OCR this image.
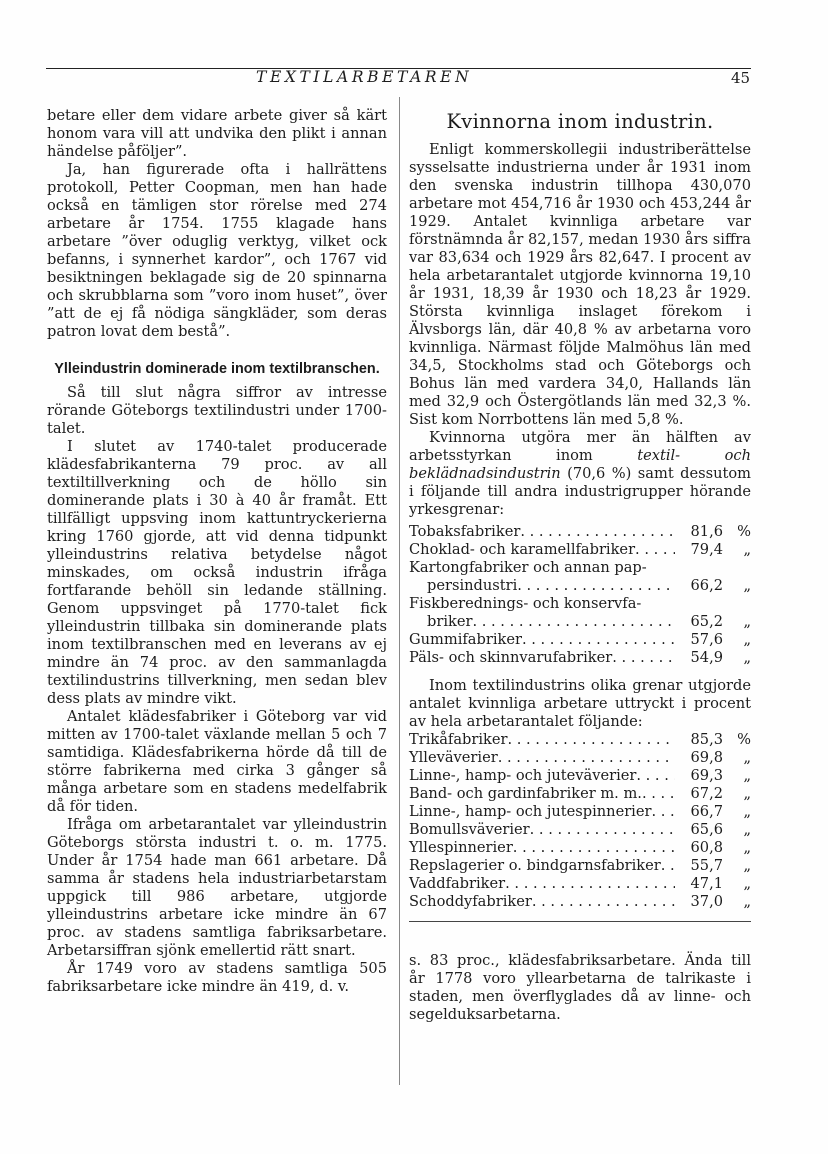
TEXTILARBETAREN	45

betare eller dem vidare arbete giver så kärt honom vara vill att undvika den plikt i annan händelse påföljer”.

Ja, han figurerade ofta i hallrättens protokoll, Petter Coopman, men han hade också en tämligen stor rörelse med 274 arbetare år 1754. 1755 klagade hans arbetare ”över oduglig verktyg, vilket ock befanns, i synnerhet kardor”, och 1767 vid besiktningen beklagade sig de 20 spinnarna och skrubblarna som ”voro inom huset”, över ”att de ej få nödiga sängkläder, som deras patron lovat dem bestå”.

Ylleindustrin dominerade inom textilbranschen.

Så till slut några siffror av intresse rörande Göteborgs textilindustri under 1700-talet.

I slutet av 1740-talet producerade klädesfabrikanterna 79 proc. av all textiltillverkning och de höllo sin dominerande plats i 30 à 40 år framåt. Ett tillfälligt uppsving inom kattuntryckerierna kring 1760 gjorde, att vid denna tidpunkt ylleindustrins relativa betydelse något minskades, om också industrin ifråga fortfarande behöll sin ledande ställning. Genom uppsvinget på 1770-talet fick ylleindustrin tillbaka sin dominerande plats inom textilbranschen med en leverans av ej mindre än 74 proc. av den sammanlagda textilindustrins tillverkning, men sedan blev dess plats av mindre vikt.

Antalet klädesfabriker i Göteborg var vid mitten av 1700-talet växlande mellan 5 och 7 samtidiga. Klädesfabrikerna hörde då till de större fabrikerna med cirka 3 gånger så många arbetare som en stadens medelfabrik då för tiden.

Ifråga om arbetarantalet var ylleindustrin Göteborgs största industri t. o. m. 1775. Under år 1754 hade man 661 arbetare. Då samma år stadens hela industriarbetarstam uppgick till 986 arbetare, utgjorde ylleindustrins arbetare icke mindre än 67 proc. av stadens samtliga fabriksarbetare. Arbetarsiffran sjönk emellertid rätt snart.

År 1749 voro av stadens samtliga 505 fabriksarbetare icke mindre än 419, d. v.

Kvinnorna inom industrin.

Enligt kommerskollegii industriberättelse sysselsatte industrierna under år 1931 inom den svenska industrin tillhopa 430,070 arbetare mot 454,716 år 1930 och 453,244 år 1929. Antalet kvinnliga arbetare var förstnämnda år 82,157, medan 1930 års siffra var 83,634 och 1929 års 82,647. I procent av hela arbetarantalet utgjorde kvinnorna 19,10 år 1931, 18,39 år 1930 och 18,23 år 1929. Största kvinnliga inslaget förekom i Älvsborgs län, där 40,8 % av arbetarna voro kvinnliga. Närmast följde Malmöhus län med 34,5, Stockholms stad och Göteborgs och Bohus län med vardera 34,0, Hallands län med 32,9 och Östergötlands län med 32,3 %. Sist kom Norrbottens län med 5,8 %.

Kvinnorna utgöra mer än hälften av arbetsstyrkan inom textil- och beklädnadsindustrin (70,6 %) samt dessutom i följande till andra industrigrupper hörande yrkesgrenar:

Tobaksfabriker . . .	81,6 %
Choklad- och karamellfabriker . . .	79,4	„
Kartongfabriker och annan pap-
persindustri . . .	66,2	„
Fiskberednings- och konservfa-
briker . . .	65,2	„
Gummifabriker . . .	57,6	„
Päls- och skinnvarufabriker . . .	54,9	„

Inom textilindustrins olika grenar utgjorde antalet kvinnliga arbetare uttryckt i procent av hela arbetarantalet följande:

Trikåfabriker . . .	85,3 %
Ylleväverier . . .	69,8	„
Linne-, hamp- och juteväverier . . .	69,3	„
Band- och gardinfabriker m. m. . . .	67,2	„
Linne-, hamp- och jutespinnerier . . .	66,7	„
Bomullsväverier . . .	65,6	„
Yllespinnerier . . .	60,8	„
Repslagerier o. bindgarnsfabriker . . .	55,7	„
Vaddfabriker . . .	47,1	„
Schoddyfabriker . . .	37,0	„

s. 83 proc., klädesfabriksarbetare. Ända till år 1778 voro yllearbetarna de talrikaste i staden, men överflyglades då av linne- och segelduksarbetarna.
